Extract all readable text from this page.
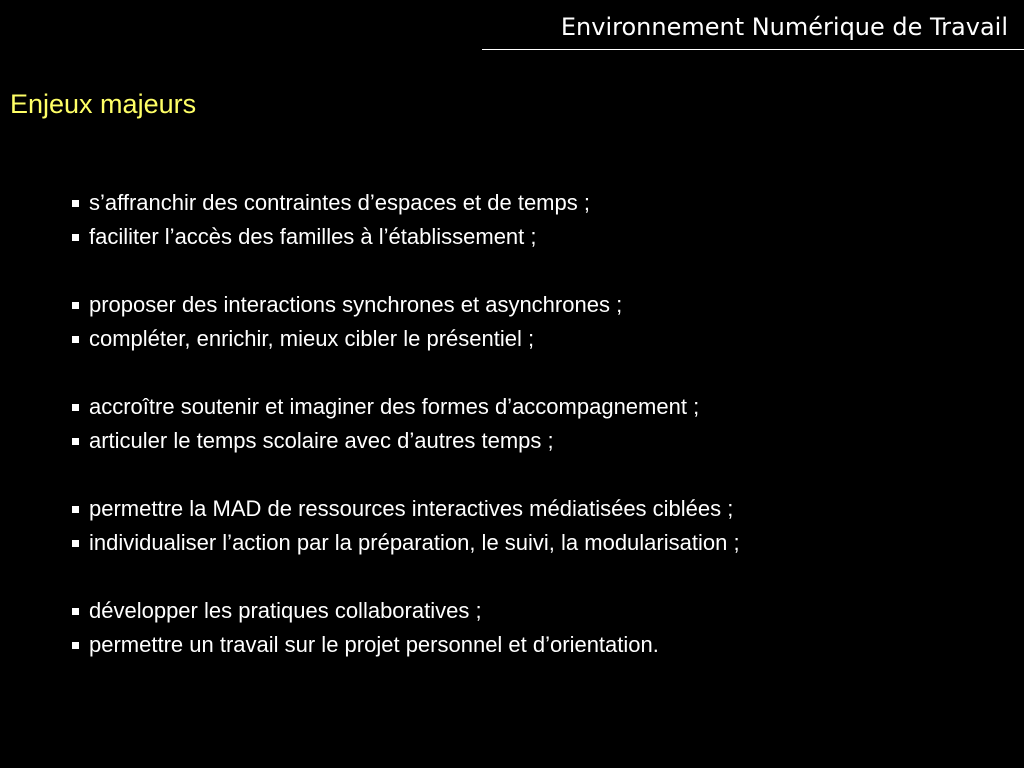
Environnement Numérique de Travail
Enjeux majeurs
s’affranchir des contraintes d’espaces et de temps ;
faciliter l’accès des familles à l’établissement ;
proposer des interactions synchrones et asynchrones ;
compléter, enrichir, mieux cibler le présentiel ;
accroître soutenir et imaginer des formes d’accompagnement ;
articuler le temps scolaire avec d’autres temps ;
permettre la MAD de ressources interactives médiatisées ciblées ;
individualiser l’action par la préparation, le suivi, la modularisation ;
développer les pratiques collaboratives ;
permettre un travail sur le projet personnel et d’orientation.
